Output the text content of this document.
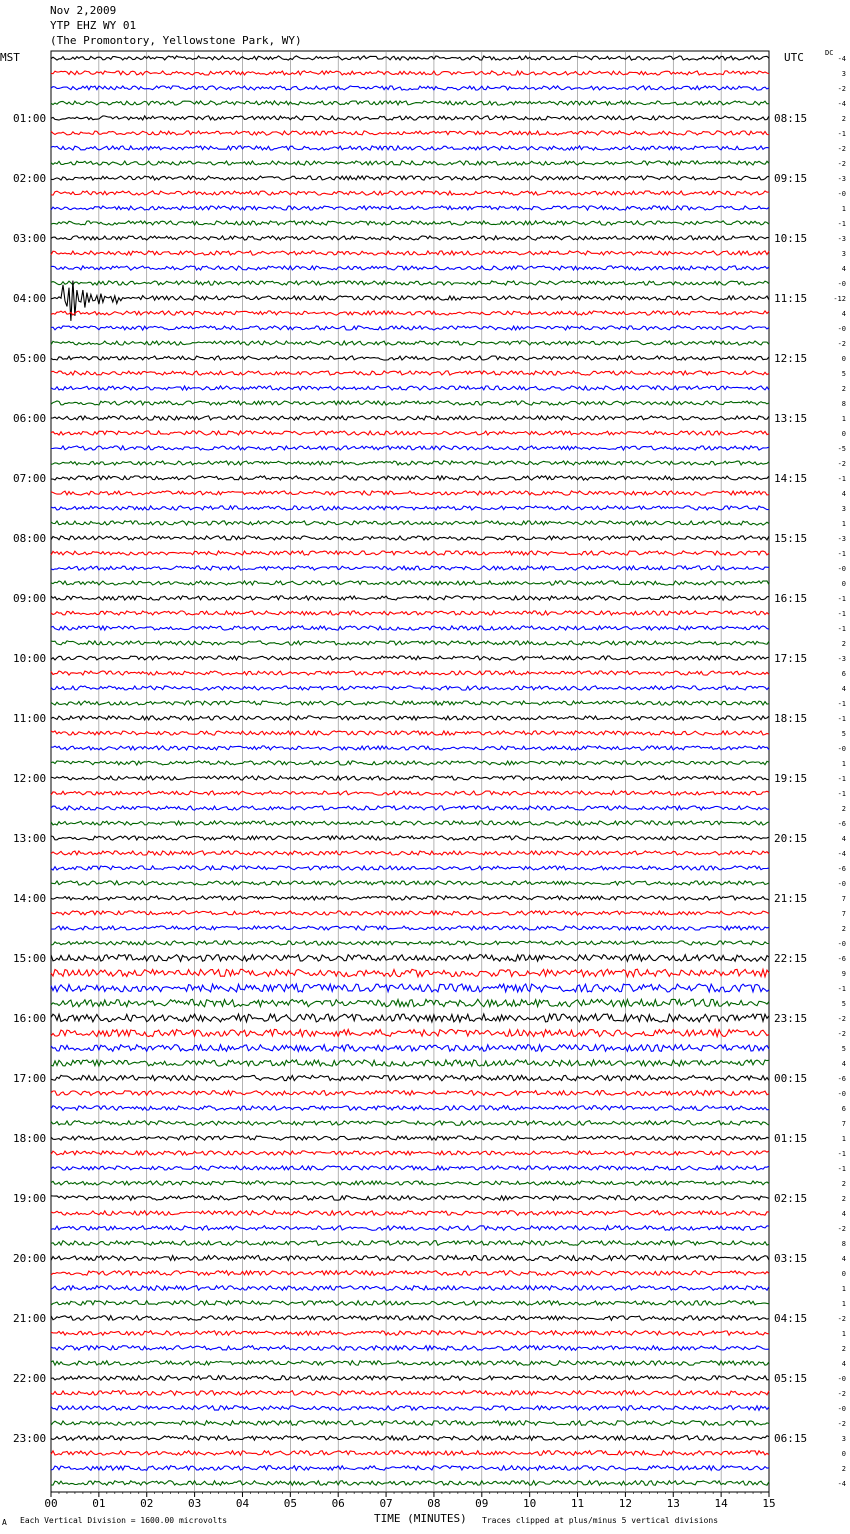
Nov 2,2009
YTP EHZ WY 01
(The Promontory, Yellowstone Park, WY)
00	01	02	03	04	05	06	07	08	09	10	11	12	13	14	15
MST	UTC
01:00
02:00
03:00
04:00
05:00
06:00
07:00
08:00
09:00
10:00
11:00
12:00
13:00
14:00
15:00
16:00
17:00
18:00
19:00
20:00
21:00
22:00
23:00
08:15
09:15
10:15
11:15
12:15
13:15
14:15
15:15
16:15
17:15
18:15
19:15
20:15
21:15
22:15
23:15
00:15
01:15
02:15
03:15
04:15
05:15
06:15
-4
3
-2
-4
2
-1
-2
-2
-3
-0
1
-1
-3
3
4
-0
-12
4
-0
-2
0
5
2
8
1
0
-5
-2
-1
4
3
1
-3
-1
-0
0
-1
-1
-1
2
-3
6
4
-1
-1
5
-0
1
-1
-1
2
-6
4
-4
-6
-0
7
7
2
-0
-6
9
-1
5
-2
-2
5
4
-6
-0
6
7
1
-1
-1
2
2
4
-2
8
4
0
1
1
-2
1
2
4
-0
-2
-0
-2
3
0
2
-4
DC
TIME (MINUTES)
A Each Vertical Division = 1600.00 microvolts	Traces clipped at plus/minus 5 vertical divisions
